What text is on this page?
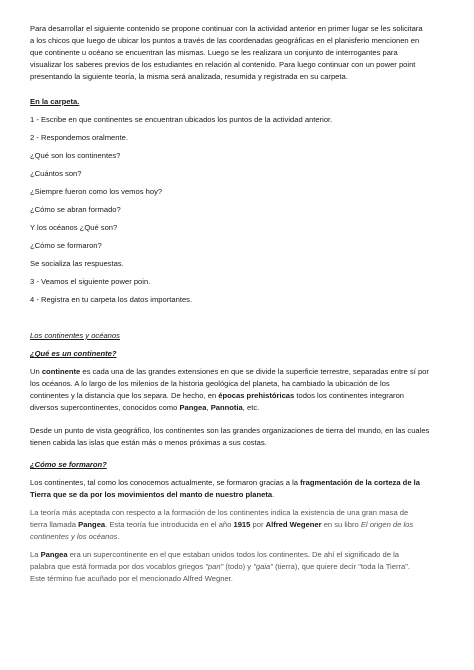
Para desarrollar el siguiente contenido se propone continuar con la actividad anterior en primer lugar se les solicitara

a los chicos que luego de ubicar los puntos a través de las coordenadas geográficas en el planisferio mencionen en

que continente u océano se encuentran las mismas. Luego se les realizara un conjunto de interrogantes para

visualizar los saberes previos de los estudiantes en relación al contenido. Para luego continuar con un power point

presentando la siguiente teoría, la misma será analizada, resumida y registrada en su carpeta.

En la carpeta.

1 - Escribe en que continentes se encuentran ubicados los puntos de la actividad anterior.

2 - Respondemos oralmente.

¿Qué son los continentes?

¿Cuántos son?

¿Siempre fueron como los vemos hoy?

¿Cómo se abran formado?

Y los océanos ¿Qué son?

¿Cómo se formaron?

Se socializa las respuestas.

3 - Veamos el siguiente power poin.

4 - Registra en tu carpeta los datos importantes.

Los continentes y océanos

¿Qué es un continente?

Un continente es cada una de las grandes extensiones en que se divide la superficie terrestre, separadas entre sí por

los océanos. A lo largo de los milenios de la historia geológica del planeta, ha cambiado la ubicación de los

continentes y la distancia que los separa. De hecho, en épocas prehistóricas todos los continentes integraron

diversos supercontinentes, conocidos como Pangea, Pannotia, etc.

Desde un punto de vista geográfico, los continentes son las grandes organizaciones de tierra del mundo, en las cuales

tienen cabida las islas que están más o menos próximas a sus costas.

¿Cómo se formaron?

Los continentes, tal como los conocemos actualmente, se formaron gracias a la fragmentación de la corteza de la

Tierra que se da por los movimientos del manto de nuestro planeta.

La teoría más aceptada con respecto a la formación de los continentes indica la existencia de una gran masa de

tierra llamada Pangea. Esta teoría fue introducida en el año 1915 por Alfred Wegener en su libro El origen de los

continentes y los océanos.

La Pangea era un supercontinente en el que estaban unidos todos los continentes. De ahí el significado de la

palabra que está formada por dos vocablos griegos "pan" (todo) y "gaia" (tierra), que quiere decir "toda la Tierra".

Este término fue acuñado por el mencionado Alfred Wegner.
